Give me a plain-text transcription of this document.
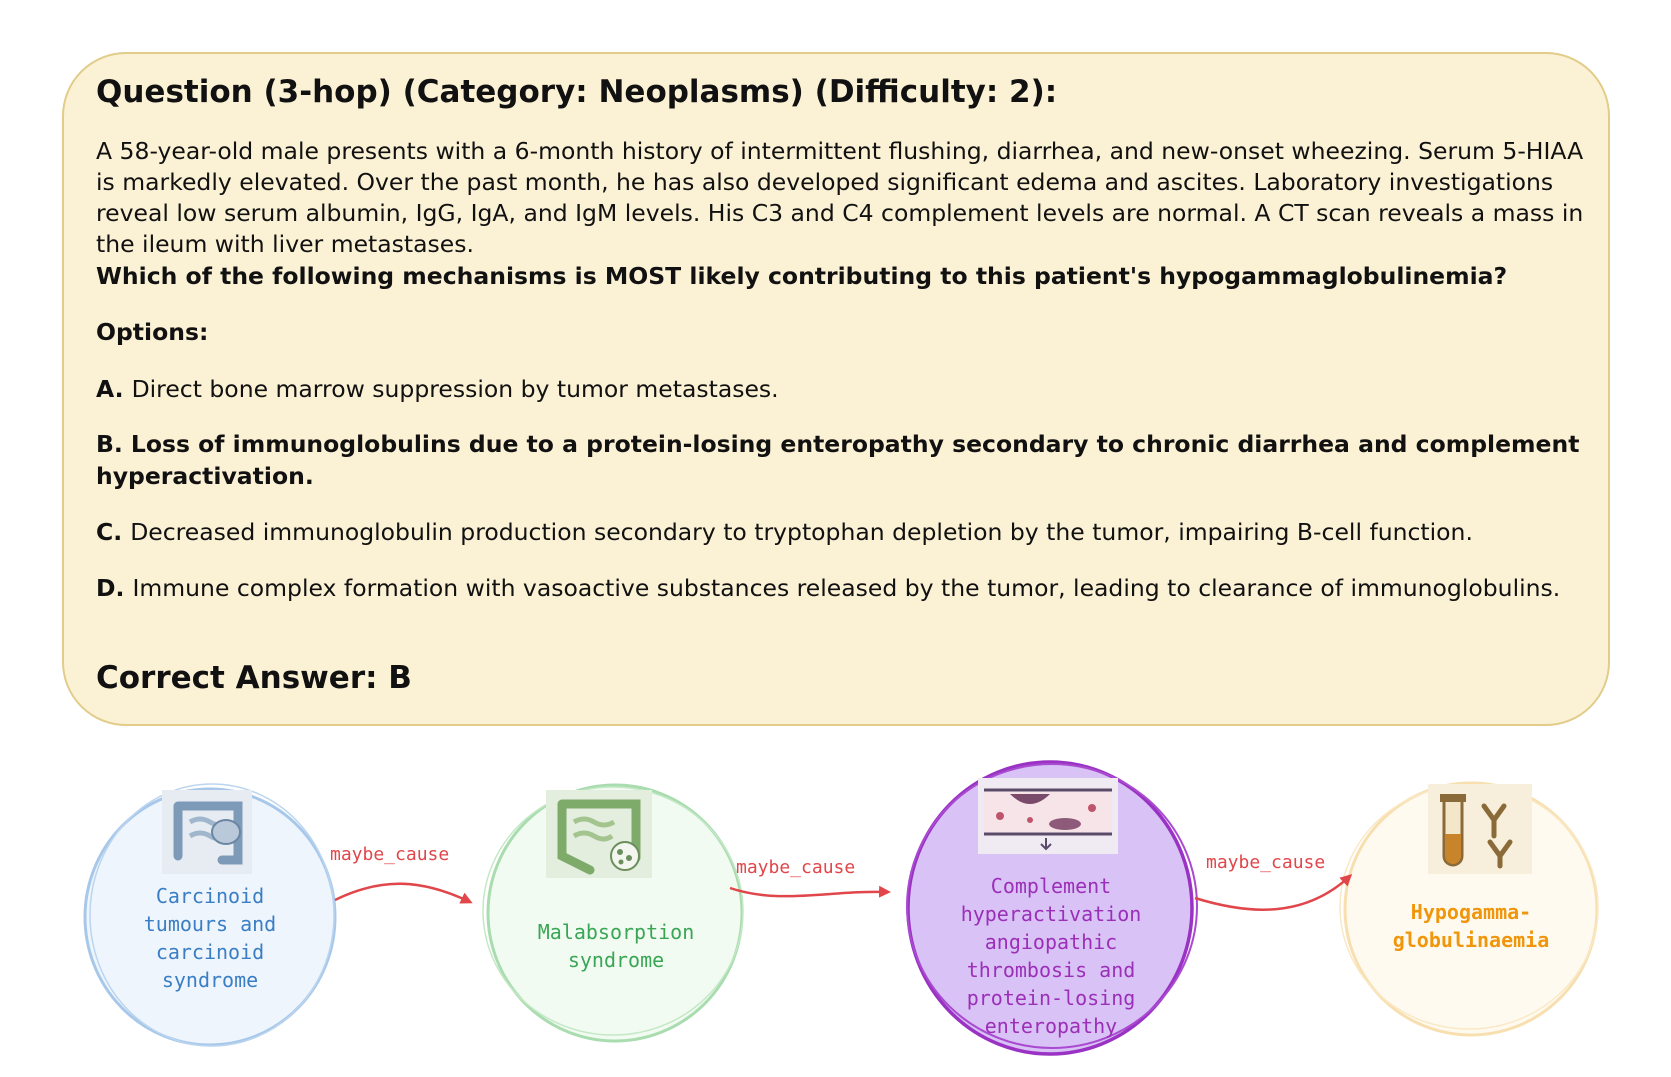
Question (3-hop) (Category: Neoplasms) (Difficulty: 2):
A 58-year-old male presents with a 6-month history of intermittent flushing, diarrhea, and new-onset wheezing. Serum 5-HIAA is markedly elevated. Over the past month, he has also developed significant edema and ascites. Laboratory investigations reveal low serum albumin, IgG, IgA, and IgM levels. His C3 and C4 complement levels are normal. A CT scan reveals a mass in the ileum with liver metastases.
Which of the following mechanisms is MOST likely contributing to this patient's hypogammaglobulinemia?
Options:
A. Direct bone marrow suppression by tumor metastases.
B. Loss of immunoglobulins due to a protein-losing enteropathy secondary to chronic diarrhea and complement hyperactivation.
C. Decreased immunoglobulin production secondary to tryptophan depletion by the tumor, impairing B-cell function.
D. Immune complex formation with vasoactive substances released by the tumor, leading to clearance of immunoglobulins.
Correct Answer: B
maybe_cause
maybe_cause	maybe_cause
Carcinoid tumours and carcinoid syndrome
Malabsorption syndrome
Complement hyperactivation angiopathic thrombosis and protein-losing enteropathy
Hypogamma-globulinaemia
